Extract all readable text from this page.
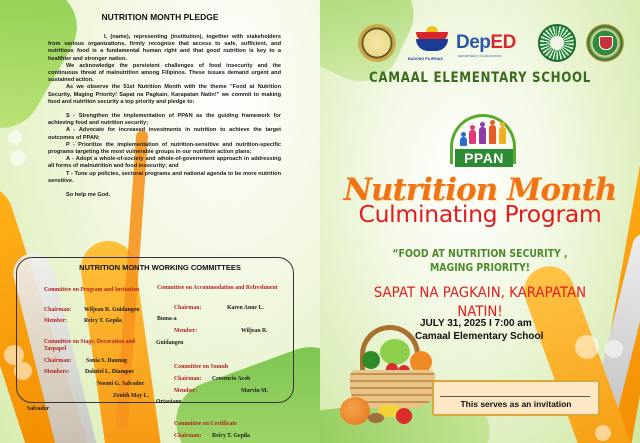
NUTRITION MONTH PLEDGE

I, (name), representing (institution), together with stakeholders from various organizations, firmly recognize that access to safe, sufficient, and nutritious food is a fundamental human right and that good nutrition is key to a healthier and stronger nation.

We acknowledge the persistent challenges of food insecurity and the continuous threat of malnutrition among Filipinos. These issues demand urgent and sustained action.

As we observe the 51st Nutrition Month with the theme "Food at Nutrition Security, Maging Priority! Sapat na Pagkain, Karapatan Natin!" we commit to making food and nutrition security a top priority and pledge to:

S - Strengthen the implementation of PPAN as the guiding framework for achieving food and nutrition security;

A - Advocate for increased investments in nutrition to achieve the target outcomes of PPAN;

P - Prioritize the implementation of nutrition-sensitive and nutrition-specific programs targeting the most vulnerable groups in our nutrition action plans;

A - Adopt a whole-of-society and whole-of-government approach in addressing all forms of malnutrition and food insecurity; and

T - Tune up policies, sectoral programs and national agenda to be more nutrition sensitive.

So help me God.

NUTRITION MONTH WORKING COMMITTEES
Committee on Program and Invitation
Chairman: Wiljean R. Guidangen
Member:	Reicy T. Gepila
Committee on Stage, Decoration and Tarpapel
Chairman:	Sonia S. Dannug
Members:	Dahziel L. Diampoc
Noemi G. Salvador
Zenith May L.
Salvador
Committee on Accommodation and Refreshment
Chairman:	Karen Anne L.
Buma-a
Member:	Wiljean R.
Guidangen
Committee on Sounds
Chairman: Cresencio Acob
Member:	Marvin M.
Ortaviano
Committee on Certificate
Chairman: Reicy T. Gepila
BAGONG PILIPINAS
DepED
DEPARTMENT OF EDUCATION
CAMAAL ELEMENTARY SCHOOL
Nutrition Month
Culminating Program
“FOOD AT NUTRITION SECURITY ,
MAGING PRIORITY!
SAPAT NA PAGKAIN, KARAPATAN
NATIN!
PPAN
JULY 31, 2025 I 7:00 am
Camaal Elementary School
This serves as an invitation
